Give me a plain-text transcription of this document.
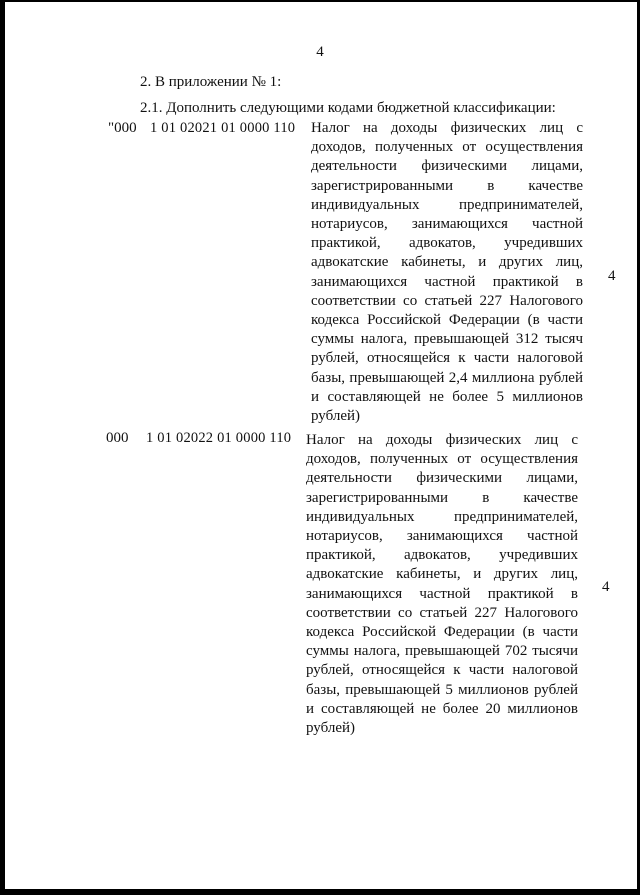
4
2. В приложении № 1:
2.1. Дополнить следующими кодами бюджетной классификации:
"000 1 01 02021 01 0000 110 Налог на доходы физических лиц с доходов, полученных от осуществления деятельности физическими лицами, зарегистрированными в качестве индивидуальных предпринимателей, нотариусов, занимающихся частной практикой, адвокатов, учредивших адвокатские кабинеты, и других лиц, занимающихся частной практикой в соответствии со статьей 227 Налогового кодекса Российской Федерации (в части суммы налога, превышающей 312 тысяч рублей, относящейся к части налоговой базы, превышающей 2,4 миллиона рублей и составляющей не более 5 миллионов рублей)
4
000 1 01 02022 01 0000 110 Налог на доходы физических лиц с доходов, полученных от осуществления деятельности физическими лицами, зарегистрированными в качестве индивидуальных предпринимателей, нотариусов, занимающихся частной практикой, адвокатов, учредивших адвокатские кабинеты, и других лиц, занимающихся частной практикой в соответствии со статьей 227 Налогового кодекса Российской Федерации (в части суммы налога, превышающей 702 тысячи рублей, относящейся к части налоговой базы, превышающей 5 миллионов рублей и составляющей не более 20 миллионов рублей)
4
